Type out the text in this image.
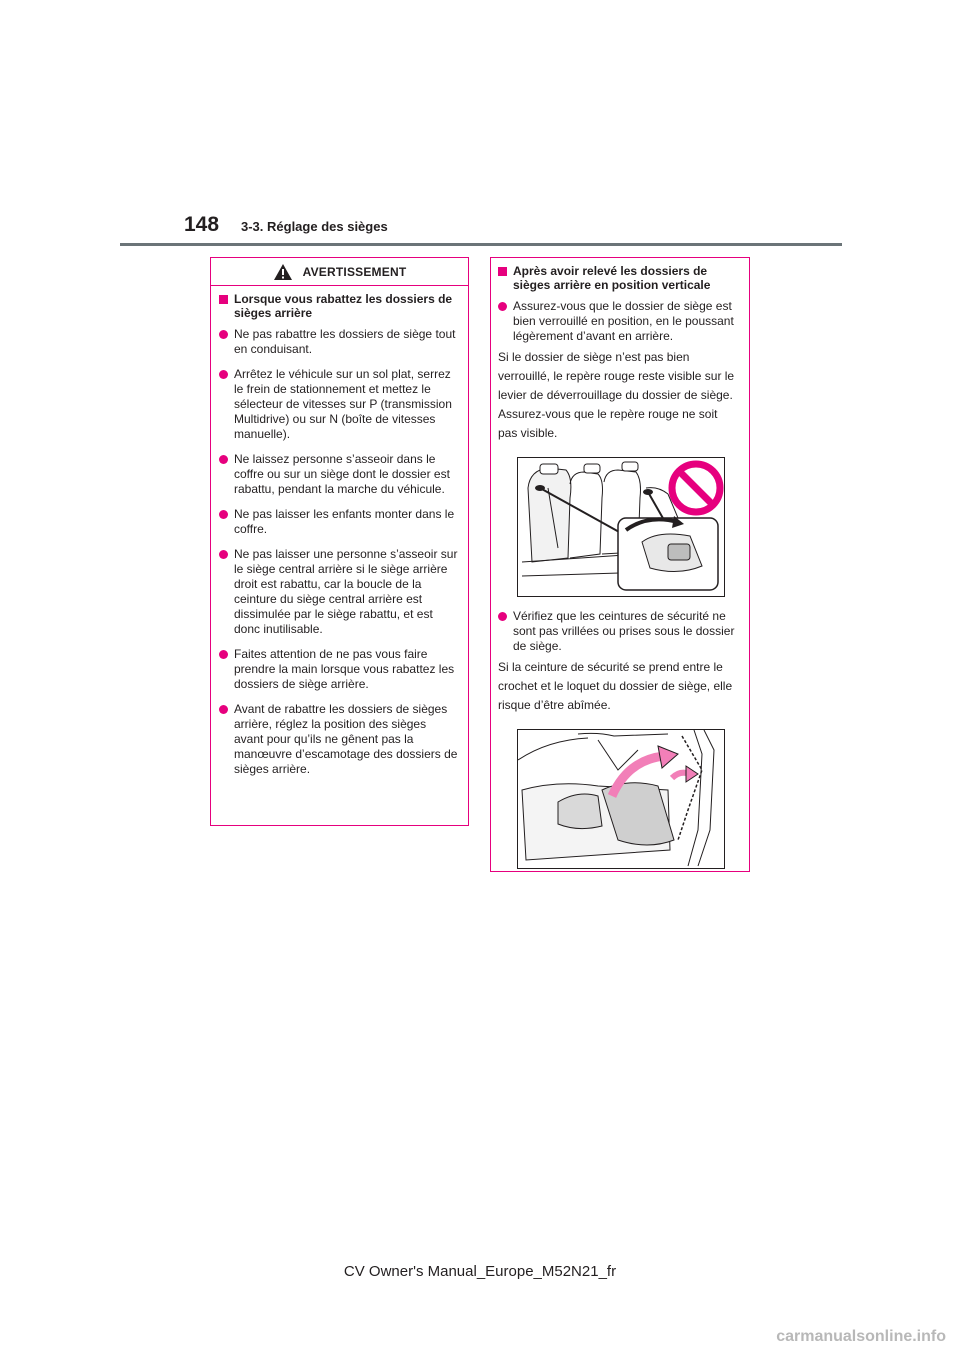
148 3-3. Réglage des sièges
AVERTISSEMENT
Lorsque vous rabattez les dossiers de sièges arrière
Ne pas rabattre les dossiers de siège tout en conduisant.
Arrêtez le véhicule sur un sol plat, serrez le frein de stationnement et mettez le sélecteur de vitesses sur P (transmission Multidrive) ou sur N (boîte de vitesses manuelle).
Ne laissez personne s’asseoir dans le coffre ou sur un siège dont le dossier est rabattu, pendant la marche du véhicule.
Ne pas laisser les enfants monter dans le coffre.
Ne pas laisser une personne s’asseoir sur le siège central arrière si le siège arrière droit est rabattu, car la boucle de la ceinture du siège central arrière est dissimulée par le siège rabattu, et est donc inutilisable.
Faites attention de ne pas vous faire prendre la main lorsque vous rabattez les dossiers de siège arrière.
Avant de rabattre les dossiers de sièges arrière, réglez la position des sièges avant pour qu’ils ne gênent pas la manœuvre d’escamotage des dossiers de sièges arrière.
Après avoir relevé les dossiers de sièges arrière en position verticale
Assurez-vous que le dossier de siège est bien verrouillé en position, en le poussant légèrement d’avant en arrière.
Si le dossier de siège n’est pas bien verrouillé, le repère rouge reste visible sur le levier de déverrouillage du dossier de siège. Assurez-vous que le repère rouge ne soit pas visible.
Vérifiez que les ceintures de sécurité ne sont pas vrillées ou prises sous le dossier de siège.
Si la ceinture de sécurité se prend entre le crochet et le loquet du dossier de siège, elle risque d’être abîmée.
CV Owner's Manual_Europe_M52N21_fr
carmanualsonline.info
